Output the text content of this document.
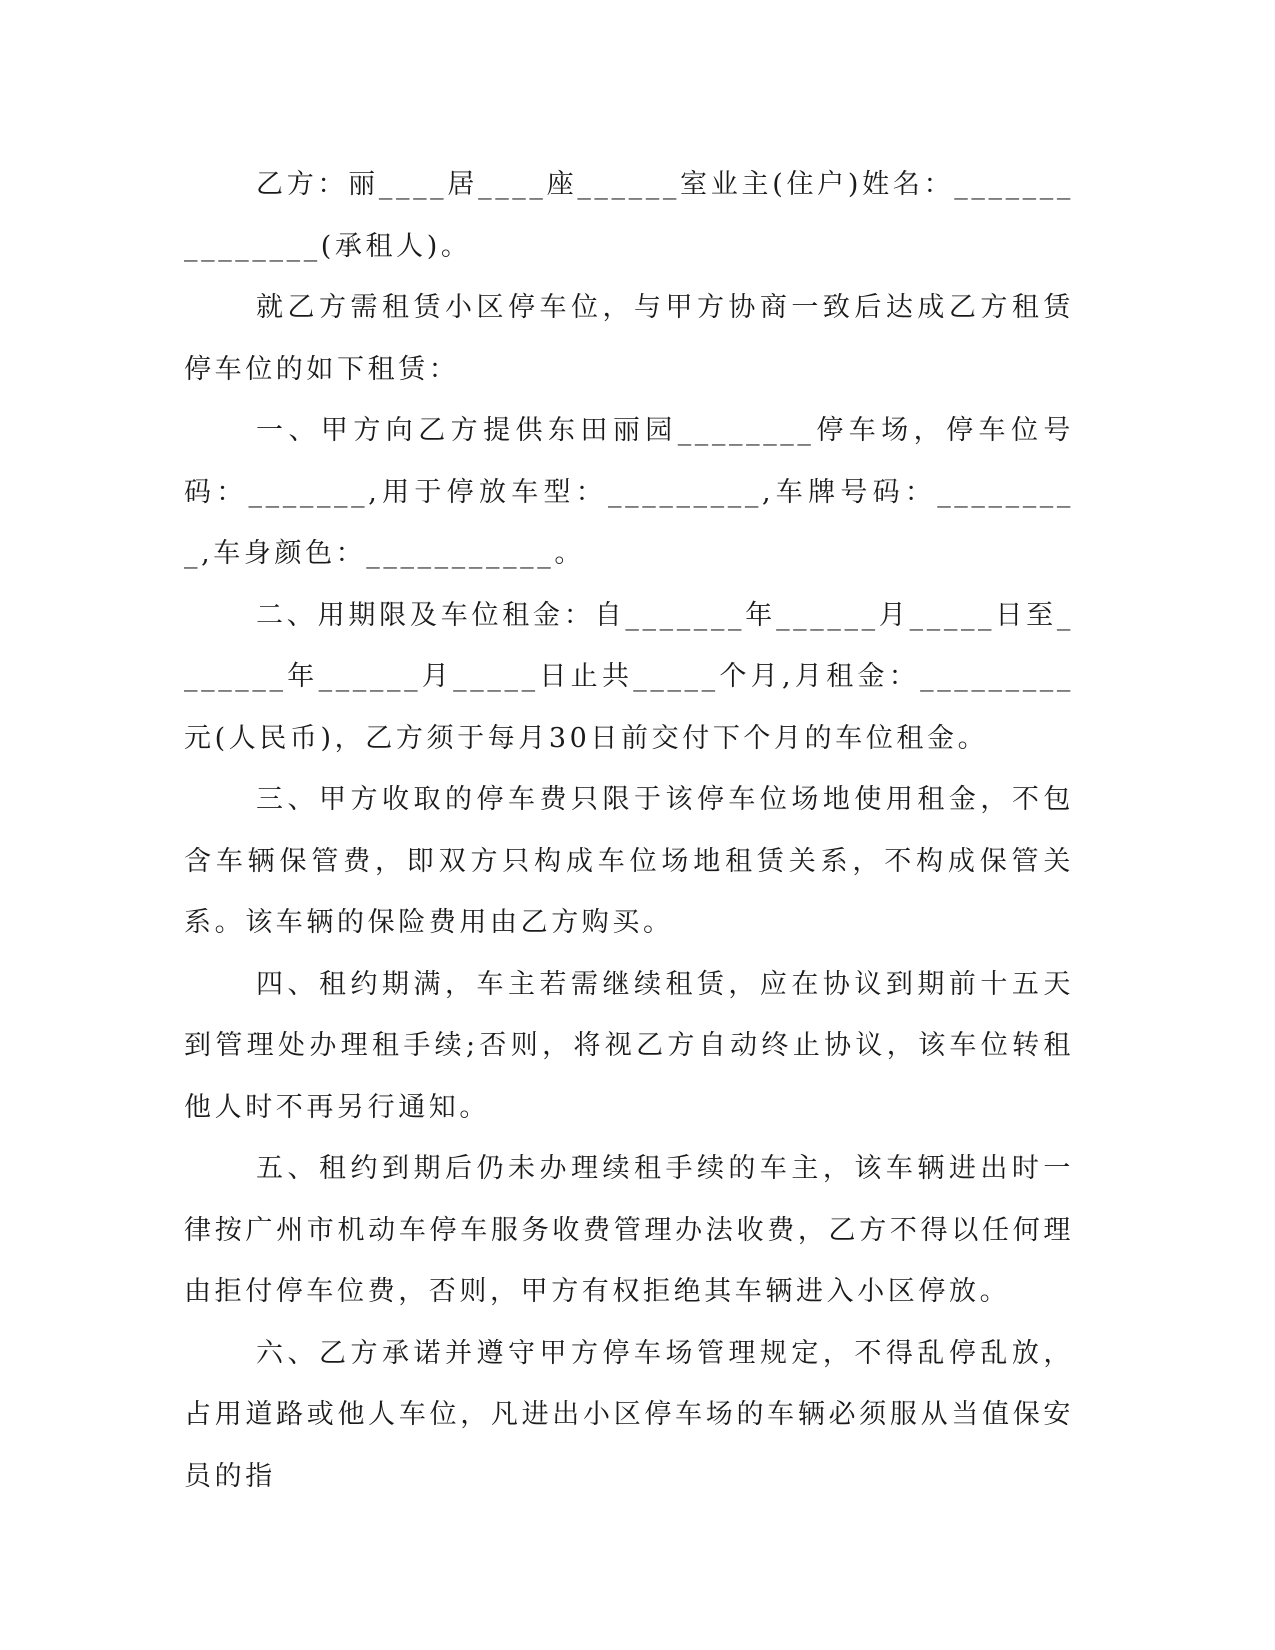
乙方：丽____居____座______室业主(住户)姓名：_______________(承租人)。

就乙方需租赁小区停车位，与甲方协商一致后达成乙方租赁停车位的如下租赁：

一、甲方向乙方提供东田丽园________停车场，停车位号码：_______,用于停放车型：_________,车牌号码：_________,车身颜色：___________。

二、用期限及车位租金：自_______年______月_____日至_______年______月_____日止共_____个月,月租金：_________元(人民币)，乙方须于每月30日前交付下个月的车位租金。

三、甲方收取的停车费只限于该停车位场地使用租金，不包含车辆保管费，即双方只构成车位场地租赁关系，不构成保管关系。该车辆的保险费用由乙方购买。

四、租约期满，车主若需继续租赁，应在协议到期前十五天到管理处办理租手续;否则，将视乙方自动终止协议，该车位转租他人时不再另行通知。

五、租约到期后仍未办理续租手续的车主，该车辆进出时一律按广州市机动车停车服务收费管理办法收费，乙方不得以任何理由拒付停车位费，否则，甲方有权拒绝其车辆进入小区停放。

六、乙方承诺并遵守甲方停车场管理规定，不得乱停乱放，占用道路或他人车位，凡进出小区停车场的车辆必须服从当值保安员的指
